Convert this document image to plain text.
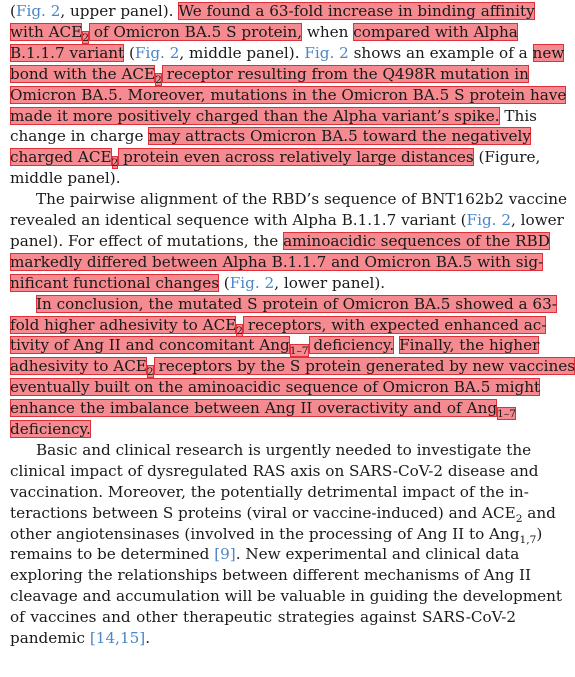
(Fig. 2, upper panel). We found a 63-fold increase in binding affinity
with $ACE_2$ of Omicron BA.5 S protein, when compared with Alpha
B.1.1.7 variant (Fig. 2, middle panel). Fig. 2 shows an example of a new
bond with the $ACE_2$ receptor resulting from the Q498R mutation in
Omicron BA.5. Moreover, mutations in the Omicron BA.5 S protein have
made it more positively charged than the Alpha variant’s spike. This
change in charge may attracts Omicron BA.5 toward the negatively
charged $ACE_2$ protein even across relatively large distances (Figure,
middle panel).
The pairwise alignment of the RBD’s sequence of BNT162b2 vaccine
revealed an identical sequence with Alpha B.1.1.7 variant (Fig. 2, lower
panel). For effect of mutations, the aminoacidic sequences of the RBD
markedly differed between Alpha B.1.1.7 and Omicron BA.5 with sig-
nificant functional changes (Fig. 2, lower panel).
In conclusion, the mutated S protein of Omicron BA.5 showed a 63-
fold higher adhesivity to $ACE_2$ receptors, with expected enhanced ac-
tivity of Ang II and concomitant Ang$_{1-7}$ deficiency. Finally, the higher
adhesivity to $ACE_2$ receptors by the S protein generated by new vaccines
eventually built on the aminoacidic sequence of Omicron BA.5 might
enhance the imbalance between Ang II overactivity and of Ang$_{1-7}$
deficiency.
Basic and clinical research is urgently needed to investigate the
clinical impact of dysregulated RAS axis on SARS-CoV-2 disease and
vaccination. Moreover, the potentially detrimental impact of the in-
teractions between S proteins (viral or vaccine-induced) and $ACE_2$ and
other angiotensinases (involved in the processing of Ang II to Ang$_{1,7}$)
remains to be determined [9]. New experimental and clinical data
exploring the relationships between different mechanisms of Ang II
cleavage and accumulation will be valuable in guiding the development
of vaccines and other therapeutic strategies against SARS-CoV-2
pandemic [14,15].
